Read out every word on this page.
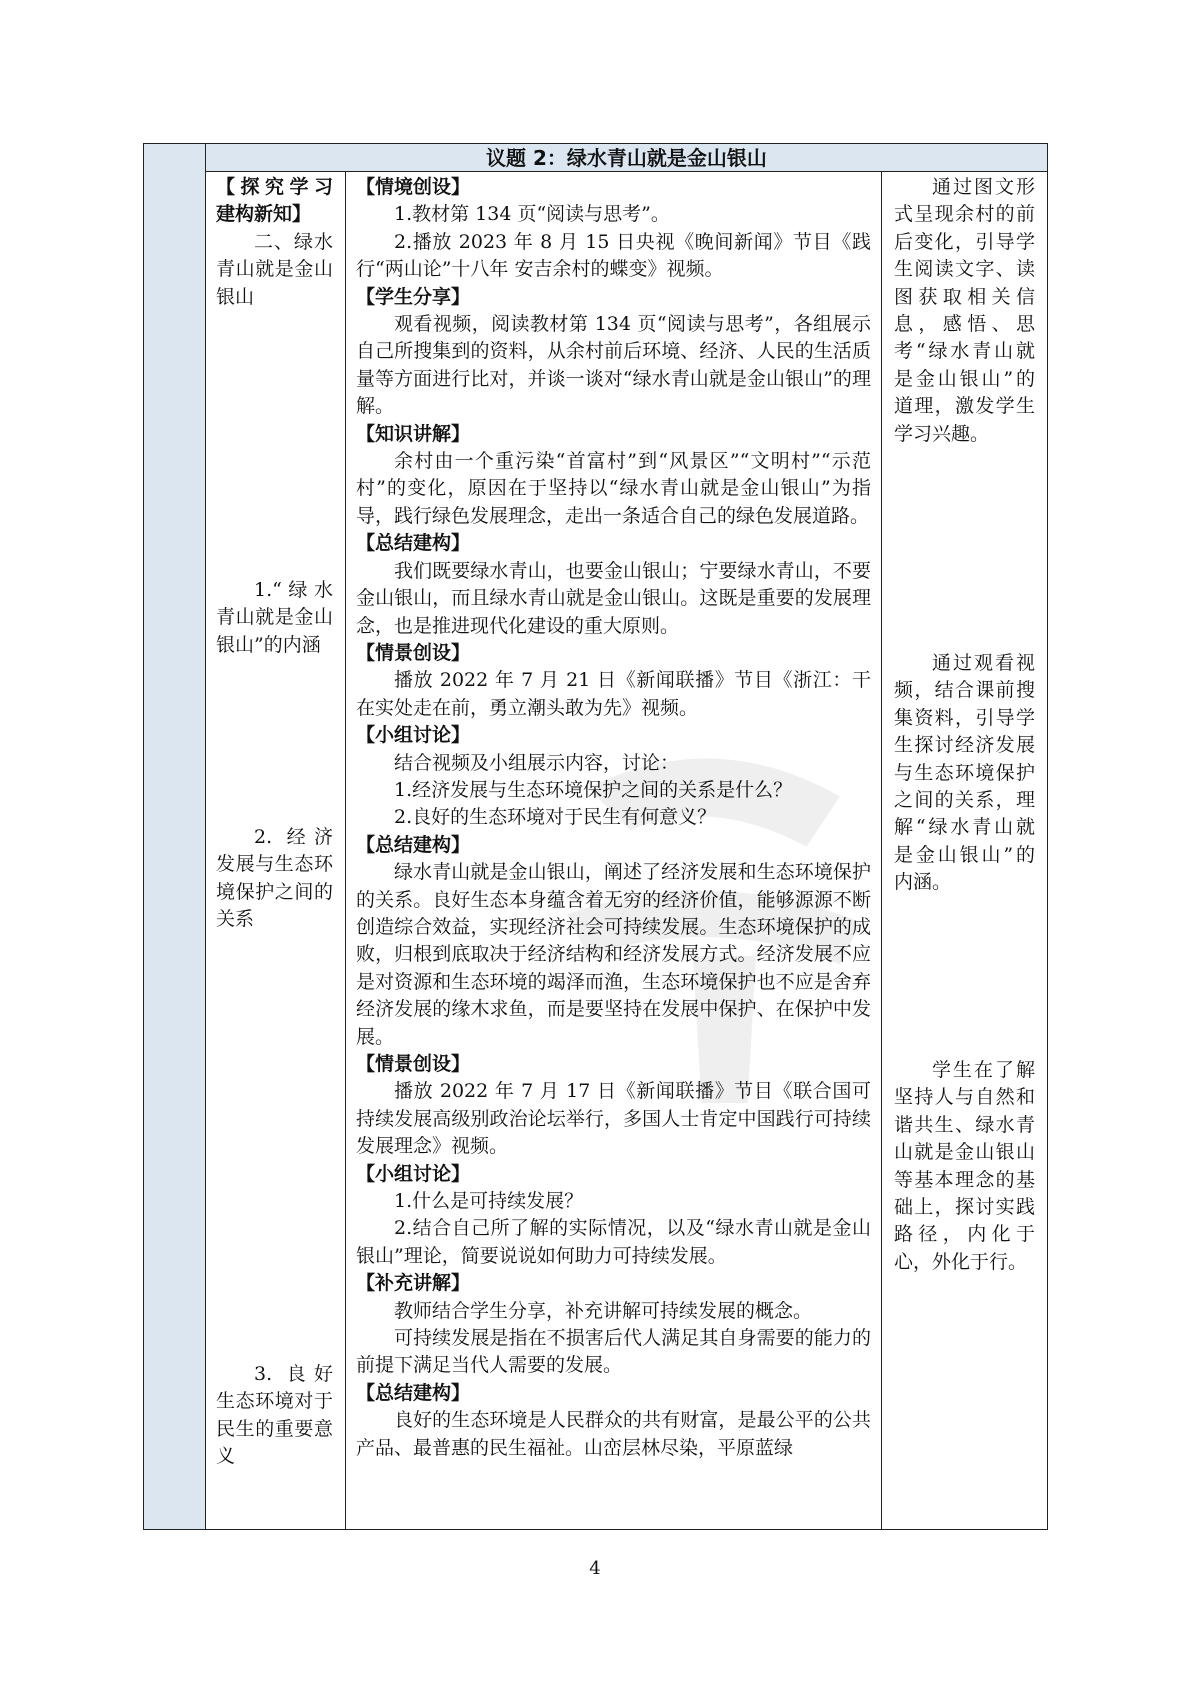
议题 2：绿水青山就是金山银山

【探究学习 建构新知】

二、绿水青山就是金山银山

1.“绿水青山就是金山银山”的内涵
2. 经济发展与生态环境保护之间的关系
3. 良好生态环境对于民生的重要意义

【情境创设】

1.教材第 134 页“阅读与思考”。

2.播放 2023 年 8 月 15 日央视《晚间新闻》节目《践行“两山论”十八年 安吉余村的蝶变》视频。

【学生分享】

观看视频，阅读教材第 134 页“阅读与思考”，各组展示自己所搜集到的资料，从余村前后环境、经济、人民的生活质量等方面进行比对，并谈一谈对“绿水青山就是金山银山”的理解。

【知识讲解】

余村由一个重污染“首富村”到“风景区”“文明村”“示范村”的变化，原因在于坚持以“绿水青山就是金山银山”为指导，践行绿色发展理念，走出一条适合自己的绿色发展道路。

【总结建构】

我们既要绿水青山，也要金山银山；宁要绿水青山，不要金山银山，而且绿水青山就是金山银山。这既是重要的发展理念，也是推进现代化建设的重大原则。

【情景创设】

播放 2022 年 7 月 21 日《新闻联播》节目《浙江：干在实处走在前，勇立潮头敢为先》视频。

【小组讨论】

结合视频及小组展示内容，讨论：

1.经济发展与生态环境保护之间的关系是什么？

2.良好的生态环境对于民生有何意义？

【总结建构】

绿水青山就是金山银山，阐述了经济发展和生态环境保护的关系。良好生态本身蕴含着无穷的经济价值，能够源源不断创造综合效益，实现经济社会可持续发展。生态环境保护的成败，归根到底取决于经济结构和经济发展方式。经济发展不应是对资源和生态环境的竭泽而渔，生态环境保护也不应是舍弃经济发展的缘木求鱼，而是要坚持在发展中保护、在保护中发展。

【情景创设】

播放 2022 年 7 月 17 日《新闻联播》节目《联合国可持续发展高级别政治论坛举行，多国人士肯定中国践行可持续发展理念》视频。

【小组讨论】

1.什么是可持续发展？

2.结合自己所了解的实际情况，以及“绿水青山就是金山银山”理论，简要说说如何助力可持续发展。

【补充讲解】

教师结合学生分享，补充讲解可持续发展的概念。

可持续发展是指在不损害后代人满足其自身需要的能力的前提下满足当代人需要的发展。

【总结建构】

良好的生态环境是人民群众的共有财富，是最公平的公共产品、最普惠的民生福祉。山峦层林尽染，平原蓝绿

通过图文形式呈现余村的前后变化，引导学生阅读文字、读图获取相关信息，感悟、思考“绿水青山就是金山银山”的道理，激发学生学习兴趣。
通过观看视频，结合课前搜集资料，引导学生探讨经济发展与生态环境保护之间的关系，理解“绿水青山就是金山银山”的内涵。
学生在了解坚持人与自然和谐共生、绿水青山就是金山银山等基本理念的基础上，探讨实践路径，内化于心，外化于行。
4
